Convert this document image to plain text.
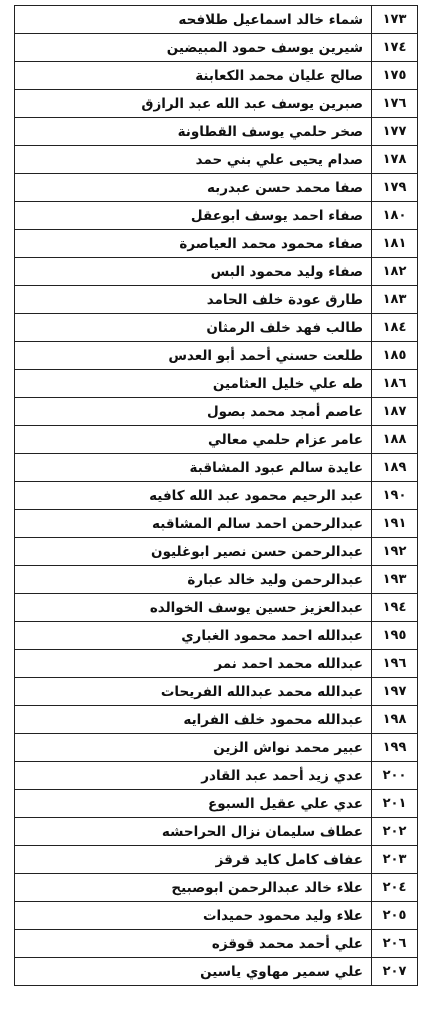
١٧٣	شماء خالد اسماعيل طلافحه
١٧٤	شيرين يوسف حمود المبيضين
١٧٥	صالح عليان محمد الكعابنة
١٧٦	صبرين يوسف عبد الله عبد الرازق
١٧٧	صخر حلمي يوسف القطاونة
١٧٨	صدام يحيى علي بني حمد
١٧٩	صفا محمد حسن عبدربه
١٨٠	صفاء احمد يوسف ابوعقل
١٨١	صفاء محمود محمد العياصرة
١٨٢	صفاء وليد محمود البس
١٨٣	طارق عودة خلف الحامد
١٨٤	طالب فهد خلف الرمثان
١٨٥	طلعت حسني أحمد أبو العدس
١٨٦	طه علي خليل العثامين
١٨٧	عاصم أمجد محمد بصول
١٨٨	عامر عزام حلمي معالي
١٨٩	عايدة سالم عبود المشاقبة
١٩٠	عبد الرحيم محمود عبد الله كافيه
١٩١	عبدالرحمن احمد سالم المشاقبه
١٩٢	عبدالرحمن حسن نصير ابوغليون
١٩٣	عبدالرحمن وليد خالد عبارة
١٩٤	عبدالعزيز حسين يوسف الخوالده
١٩٥	عبدالله احمد محمود الغباري
١٩٦	عبدالله محمد احمد نمر
١٩٧	عبدالله محمد عبدالله الفريحات
١٩٨	عبدالله محمود خلف الفرايه
١٩٩	عبير محمد نواش الزين
٢٠٠	عدي زيد أحمد عبد القادر
٢٠١	عدي علي عقيل السبوع
٢٠٢	عطاف سليمان نزال الحراحشه
٢٠٣	عفاف كامل كايد قرقز
٢٠٤	علاء خالد عبدالرحمن ابوصبيح
٢٠٥	علاء وليد محمود حميدات
٢٠٦	علي أحمد محمد قوقزه
٢٠٧	علي سمير مهاوي ياسين
